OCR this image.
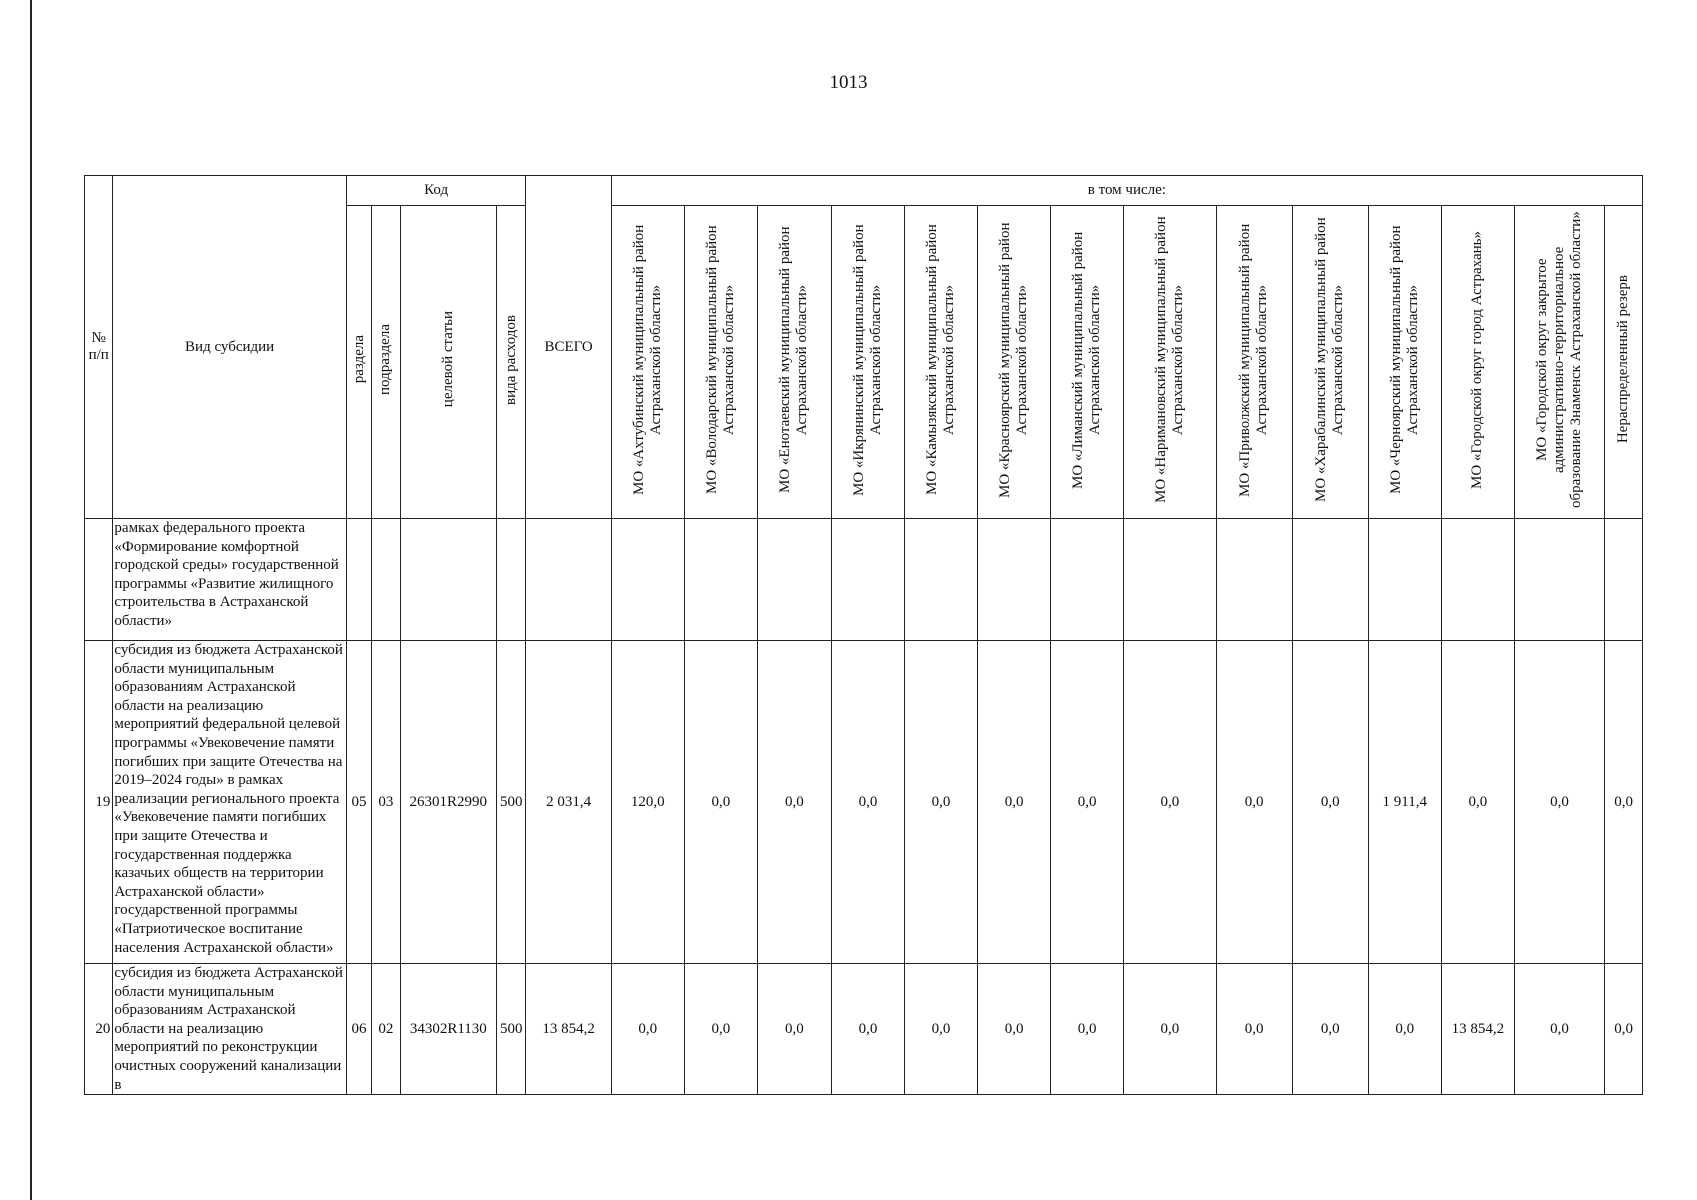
1013
№ п/п	Вид субсидии	Код				ВСЕГО	в том числе:													
		раздела	подраздела	целевой статьи	вида расходов		МО «Ахтубинский муниципальный район Астраханской области»	МО «Володарский муниципальный район Астраханской области»	МО «Енотаевский муниципальный район Астраханской области»	МО «Икрянинский муниципальный район Астраханской области»	МО «Камызякский муниципальный район Астраханской области»	МО «Красноярский муниципальный район Астраханской области»	МО «Лиманский муниципальный район Астраханской области»	МО «Наримановский муниципальный район Астраханской области»	МО «Приволжский муниципальный район Астраханской области»	МО «Харабалинский муниципальный район Астраханской области»	МО «Черноярский муниципальный район Астраханской области»	МО «Городской округ город Астрахань»	МО «Городской округ закрытое административно-территориальное образование Знаменск Астраханской области»	Нераспределенный резерв
	рамках федерального проекта «Формирование комфортной городской среды» государственной программы «Развитие жилищного строительства в Астраханской области»																			
19	субсидия из бюджета Астраханской области муниципальным образованиям Астраханской области на реализацию мероприятий федеральной целевой программы «Увековечение памяти погибших при защите Отечества на 2019–2024 годы» в рамках реализации регионального проекта «Увековечение памяти погибших при защите Отечества и государственная поддержка казачьих обществ на территории Астраханской области» государственной программы «Патриотическое воспитание населения Астраханской области»	05	03	26301R2990	500	2 031,4	120,0	0,0	0,0	0,0	0,0	0,0	0,0	0,0	0,0	0,0	1 911,4	0,0	0,0	0,0
20	субсидия из бюджета Астраханской области муниципальным образованиям Астраханской области на реализацию мероприятий по реконструкции очистных сооружений канализации в	06	02	34302R1130	500	13 854,2	0,0	0,0	0,0	0,0	0,0	0,0	0,0	0,0	0,0	0,0	0,0	13 854,2	0,0	0,0
